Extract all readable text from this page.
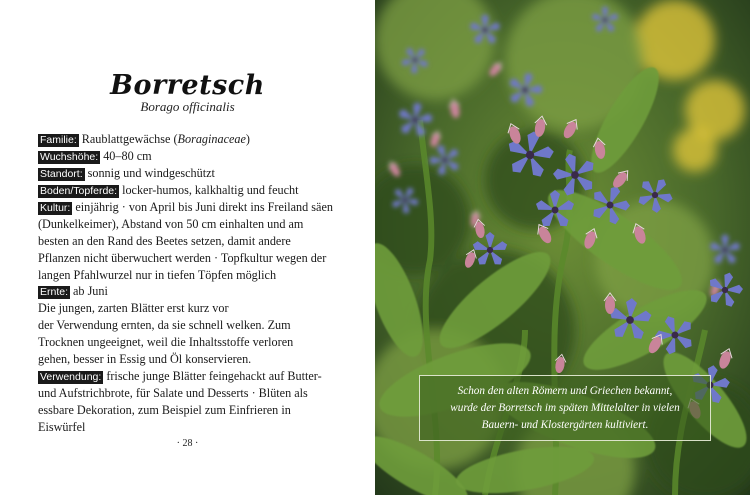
Borretsch
Borago officinalis
Familie: Raublattgewächse (Boraginaceae)
Wuchshöhe: 40–80 cm
Standort: sonnig und windgeschützt
Boden/Topferde: locker-humos, kalkhaltig und feucht
Kultur: einjährig · von April bis Juni direkt ins Freiland säen
(Dunkelkeimer), Abstand von 50 cm einhalten und am
besten an den Rand des Beetes setzen, damit andere
Pflanzen nicht überwuchert werden · Topfkultur wegen der
langen Pfahlwurzel nur in tiefen Töpfen möglich
Ernte: ab Juni
Die jungen, zarten Blätter erst kurz vor
der Verwendung ernten, da sie schnell welken. Zum
Trocknen ungeeignet, weil die Inhaltsstoffe verloren
gehen, besser in Essig und Öl konservieren.
Verwendung: frische junge Blätter feingehackt auf Butter-
und Aufstrichbrote, für Salate und Desserts · Blüten als
essbare Dekoration, zum Beispiel zum Einfrieren in
Eiswürfel
· 28 ·
Schon den alten Römern und Griechen bekannt,
wurde der Borretsch im späten Mittelalter in vielen
Bauern- und Klostergärten kultiviert.
